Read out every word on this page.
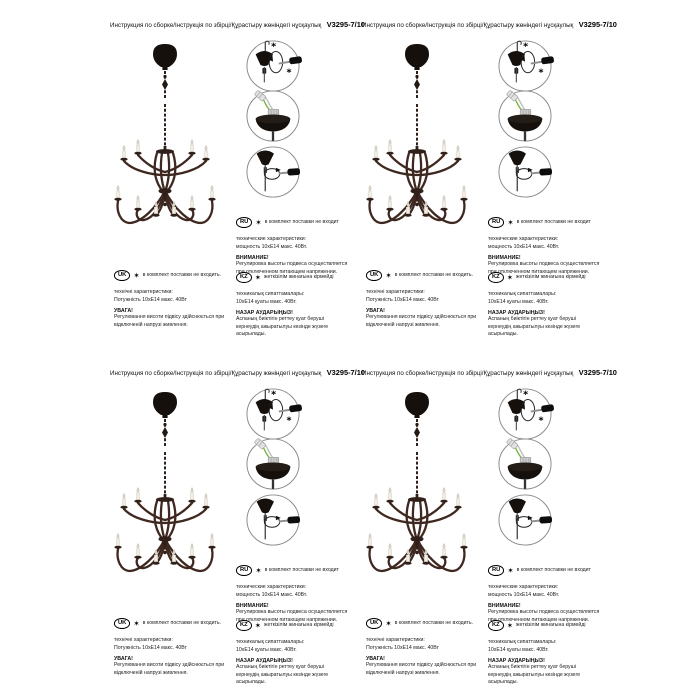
Инструкция по сборке/Інструкція по збірці/Құрастыру жөніндегі нұсқаулық V3295-7/10
*
*
RU ✶ в комплект поставки не входит
технические характеристики:
мощность 10хЕ14 макс. 40Вт.
ВНИМАНИЕ!
Регулировка высоты подвеса осуществляется при отключенном питающем напряжении.
UK ✶ в комплект поставки не входить.
технічні характеристики:
Потужність 10хЕ14 макс. 40Вт
УВАГА!
Регулювання висоти підвісу здійснюється при відключеній напрузі живлення.
KZ ✶ жеткізілім жинағына кірмейді
техникалық сипаттамалары:
10хЕ14 қуаты макс. 40Вт.
НАЗАР АУДАРЫҢЫЗ!
Аспаның биіктігін реттеу қуат беруші кернеудің ажыратылуы кезінде жүзеге асырылады.
Инструкция по сборке/Інструкція по збірці/Құрастыру жөніндегі нұсқаулық V3295-7/10
*
*
RU ✶ в комплект поставки не входит
технические характеристики:
мощность 10хЕ14 макс. 40Вт.
ВНИМАНИЕ!
Регулировка высоты подвеса осуществляется при отключенном питающем напряжении.
UK ✶ в комплект поставки не входить.
технічні характеристики:
Потужність 10хЕ14 макс. 40Вт
УВАГА!
Регулювання висоти підвісу здійснюється при відключеній напрузі живлення.
KZ ✶ жеткізілім жинағына кірмейді
техникалық сипаттамалары:
10хЕ14 қуаты макс. 40Вт.
НАЗАР АУДАРЫҢЫЗ!
Аспаның биіктігін реттеу қуат беруші кернеудің ажыратылуы кезінде жүзеге асырылады.
Инструкция по сборке/Інструкція по збірці/Құрастыру жөніндегі нұсқаулық V3295-7/10
*
*
RU ✶ в комплект поставки не входит
технические характеристики:
мощность 10хЕ14 макс. 40Вт.
ВНИМАНИЕ!
Регулировка высоты подвеса осуществляется при отключенном питающем напряжении.
UK ✶ в комплект поставки не входить.
технічні характеристики:
Потужність 10хЕ14 макс. 40Вт
УВАГА!
Регулювання висоти підвісу здійснюється при відключеній напрузі живлення.
KZ ✶ жеткізілім жинағына кірмейді
техникалық сипаттамалары:
10хЕ14 қуаты макс. 40Вт.
НАЗАР АУДАРЫҢЫЗ!
Аспаның биіктігін реттеу қуат беруші кернеудің ажыратылуы кезінде жүзеге асырылады.
Инструкция по сборке/Інструкція по збірці/Құрастыру жөніндегі нұсқаулық V3295-7/10
*
*
RU ✶ в комплект поставки не входит
технические характеристики:
мощность 10хЕ14 макс. 40Вт.
ВНИМАНИЕ!
Регулировка высоты подвеса осуществляется при отключенном питающем напряжении.
UK ✶ в комплект поставки не входить.
технічні характеристики:
Потужність 10хЕ14 макс. 40Вт
УВАГА!
Регулювання висоти підвісу здійснюється при відключеній напрузі живлення.
KZ ✶ жеткізілім жинағына кірмейді
техникалық сипаттамалары:
10хЕ14 қуаты макс. 40Вт.
НАЗАР АУДАРЫҢЫЗ!
Аспаның биіктігін реттеу қуат беруші кернеудің ажыратылуы кезінде жүзеге асырылады.
